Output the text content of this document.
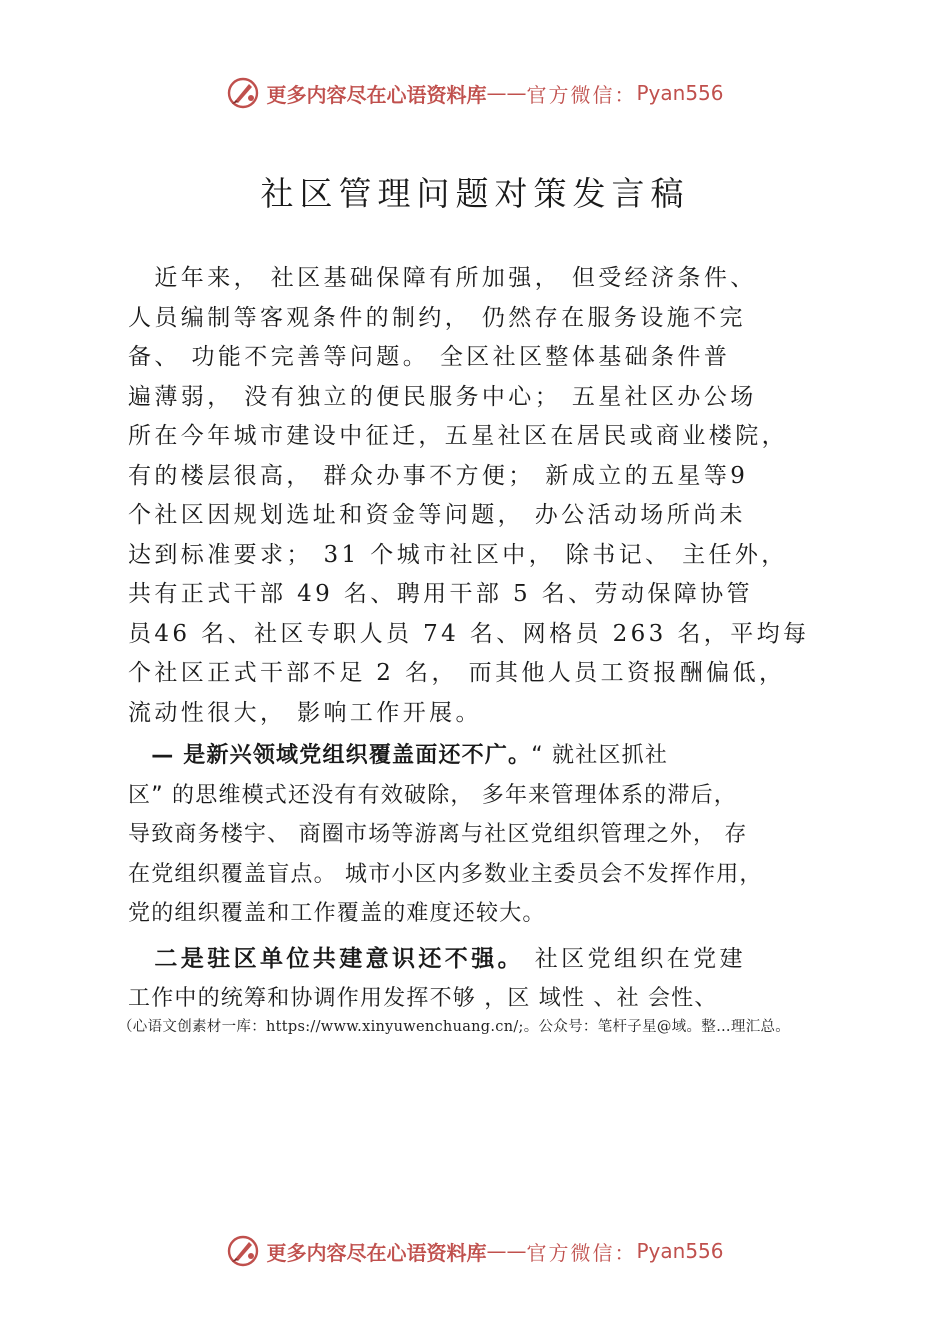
更多内容尽在心语资料库 —— 官方微信： Pyan556
社区管理问题对策发言稿
　近年来， 社区基础保障有所加强， 但受经济条件、
人员编制等客观条件的制约， 仍然存在服务设施不完
备、 功能不完善等问题。 全区社区整体基础条件普
遍薄弱， 没有独立的便民服务中心； 五星社区办公场
所在今年城市建设中征迁，五星社区在居民或商业楼院，
有的楼层很高， 群众办事不方便； 新成立的五星等9
个社区因规划选址和资金等问题， 办公活动场所尚未
达到标准要求； 31 个城市社区中， 除书记、 主任外，
共有正式干部 49 名、聘用干部 5 名、劳动保障协管
员46 名、社区专职人员 74 名、网格员 263 名，平均每
个社区正式干部不足 2 名， 而其他人员工资报酬偏低，
流动性很大， 影响工作开展。
　— 是新兴领域党组织覆盖面还不广。“ 就社区抓社
区” 的思维模式还没有有效破除， 多年来管理体系的滞后，
导致商务楼宇、 商圈市场等游离与社区党组织管理之外， 存
在党组织覆盖盲点。 城市小区内多数业主委员会不发挥作用，
党的组织覆盖和工作覆盖的难度还较大。
　二是驻区单位共建意识还不强。 社区党组织在党建
工作中的统筹和协调作用发挥不够 ，区 域性 、社 会性、
（心语文创素材一库：https://www.xinyuwenchuang.cn/;。公众号：笔杆子星@域。整…理汇总。
更多内容尽在心语资料库 —— 官方微信： Pyan556
